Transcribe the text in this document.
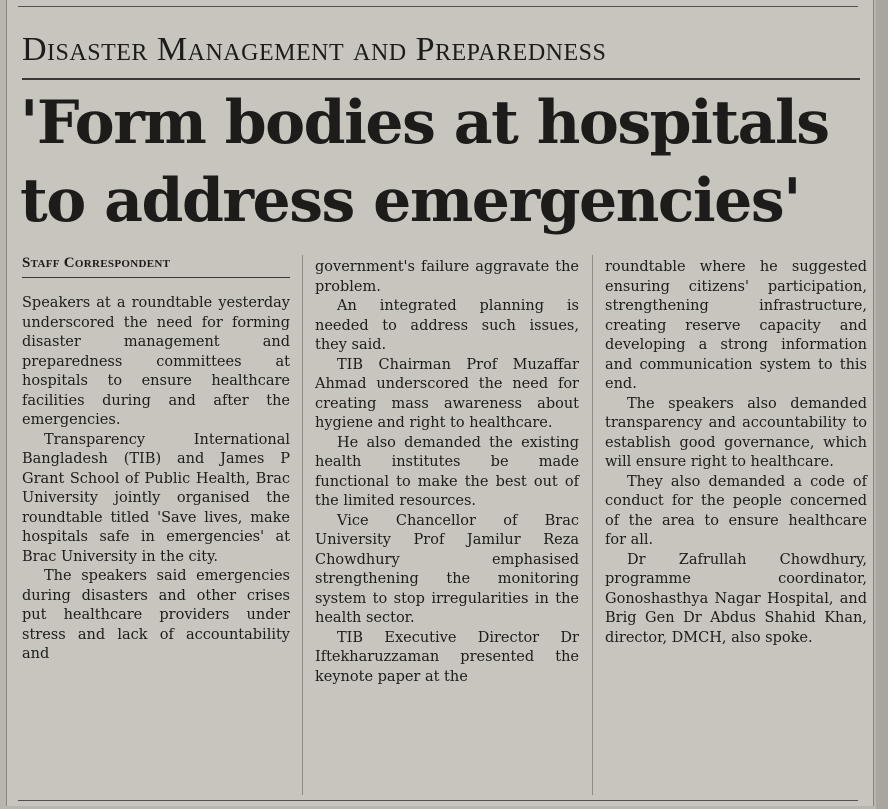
Disaster Management and Preparedness
'Form bodies at hospitals
to address emergencies'
Staff Correspondent

Speakers at a roundtable yesterday underscored the need for forming disaster management and preparedness committees at hospitals to ensure healthcare facilities during and after the emergencies.

Transparency International Bangladesh (TIB) and James P Grant School of Public Health, Brac University jointly organised the roundtable titled 'Save lives, make hospitals safe in emergencies' at Brac University in the city.

The speakers said emergencies during disasters and other crises put healthcare providers under stress and lack of accountability and

government's failure aggravate the problem.

An integrated planning is needed to address such issues, they said.

TIB Chairman Prof Muzaffar Ahmad underscored the need for creating mass awareness about hygiene and right to healthcare.

He also demanded the existing health institutes be made functional to make the best out of the limited resources.

Vice Chancellor of Brac University Prof Jamilur Reza Chowdhury emphasised strengthening the monitoring system to stop irregularities in the health sector.

TIB Executive Director Dr Iftekharuzzaman presented the keynote paper at the

roundtable where he suggested ensuring citizens' participation, strengthening infrastructure, creating reserve capacity and developing a strong information and communication system to this end.

The speakers also demanded transparency and accountability to establish good governance, which will ensure right to healthcare.

They also demanded a code of conduct for the people concerned of the area to ensure healthcare for all.

Dr Zafrullah Chowdhury, programme coordinator, Gonoshasthya Nagar Hospital, and Brig Gen Dr Abdus Shahid Khan, director, DMCH, also spoke.
